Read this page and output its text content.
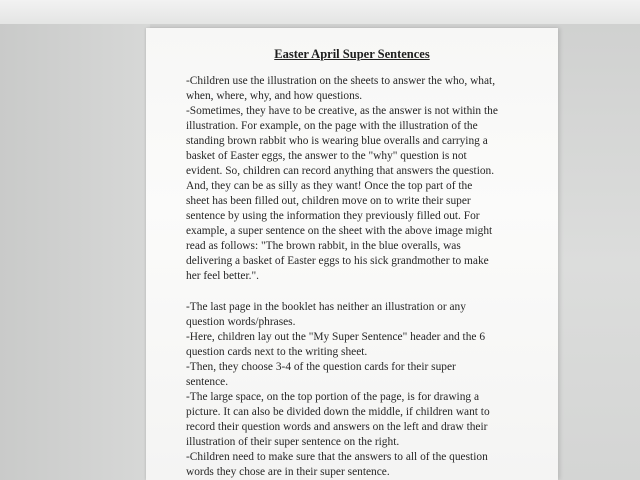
Easter April Super Sentences

-Children use the illustration on the sheets to answer the who, what,

when, where, why, and how questions.

-Sometimes, they have to be creative, as the answer is not within the

illustration. For example, on the page with the illustration of the

standing brown rabbit who is wearing blue overalls and carrying a

basket of Easter eggs, the answer to the "why" question is not

evident. So, children can record anything that answers the question.

And, they can be as silly as they want! Once the top part of the

sheet has been filled out, children move on to write their super

sentence by using the information they previously filled out. For

example, a super sentence on the sheet with the above image might

read as follows: "The brown rabbit, in the blue overalls, was

delivering a basket of Easter eggs to his sick grandmother to make

her feel better.".

-The last page in the booklet has neither an illustration or any

question words/phrases.

-Here, children lay out the "My Super Sentence" header and the 6

question cards next to the writing sheet.

-Then, they choose 3-4 of the question cards for their super

sentence.

-The large space, on the top portion of the page, is for drawing a

picture. It can also be divided down the middle, if children want to

record their question words and answers on the left and draw their

illustration of their super sentence on the right.

-Children need to make sure that the answers to all of the question

words they chose are in their super sentence.
